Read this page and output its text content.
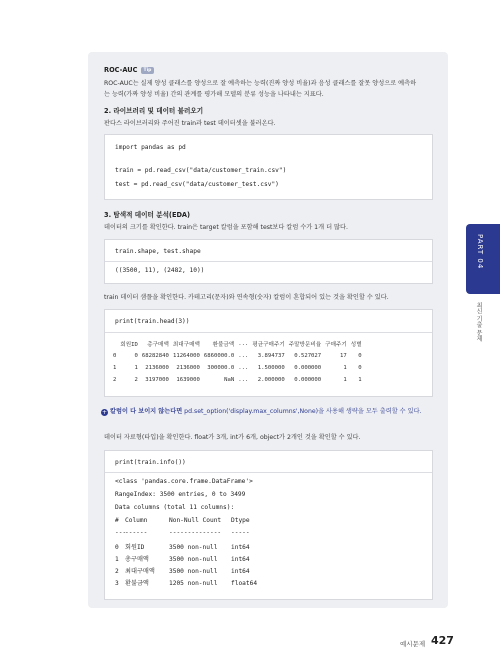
ROC-AUC Tip
ROC-AUC는 실제 양성 클래스를 양성으로 잘 예측하는 능력(진짜 양성 비율)과 음성 클래스를 잘못 양성으로 예측하
는 능력(가짜 양성 비율) 간의 관계를 평가해 모델의 분류 성능을 나타내는 지표다.
2. 라이브러리 및 데이터 불러오기
판다스 라이브러리와 주어진 train과 test 데이터셋을 불러온다.
import pandas as pd
train = pd.read_csv("data/customer_train.csv")
test = pd.read_csv("data/customer_test.csv")
3. 탐색적 데이터 분석(EDA)
데이터의 크기를 확인한다. train은 target 칼럼을 포함해 test보다 칼럼 수가 1개 더 많다.
train.shape, test.shape
((3500, 11), (2482, 10))
train 데이터 샘플을 확인한다. 카테고리(문자)와 연속형(숫자) 칼럼이 혼합되어 있는 것을 확인할 수 있다.
print(train.head(3))
	회원ID	총구매액	최대구매액	환불금액	...	평균구매주기	주말방문비율	구매주기	성별
0	0	68282840	11264000	6860000.0	...	3.894737	0.527027	17	0
1	1	2136000	2136000	300000.0	...	1.500000	0.000000	1	0
2	2	3197000	1639000	NaN	...	2.000000	0.000000	1	1
+ 칼럼이 다 보이지 않는다면 pd.set_option('display.max_columns',None)을 사용해 생략을 모두 출력할 수 있다.
데이터 자료형(타입)을 확인한다. float가 3개, int가 6개, object가 2개인 것을 확인할 수 있다.
print(train.info())
<class 'pandas.core.frame.DataFrame'>
RangeIndex: 3500 entries, 0 to 3499
Data columns (total 11 columns):
# Column	Non-Null Count Dtype
---------	-------------- -----
0 회원ID	3500 non-null int64
1 총구매액	3500 non-null int64
2 최대구매액 3500 non-null int64
3 환불금액	1205 non-null float64
PART 04
최신 기출 문제
예시문제 427
